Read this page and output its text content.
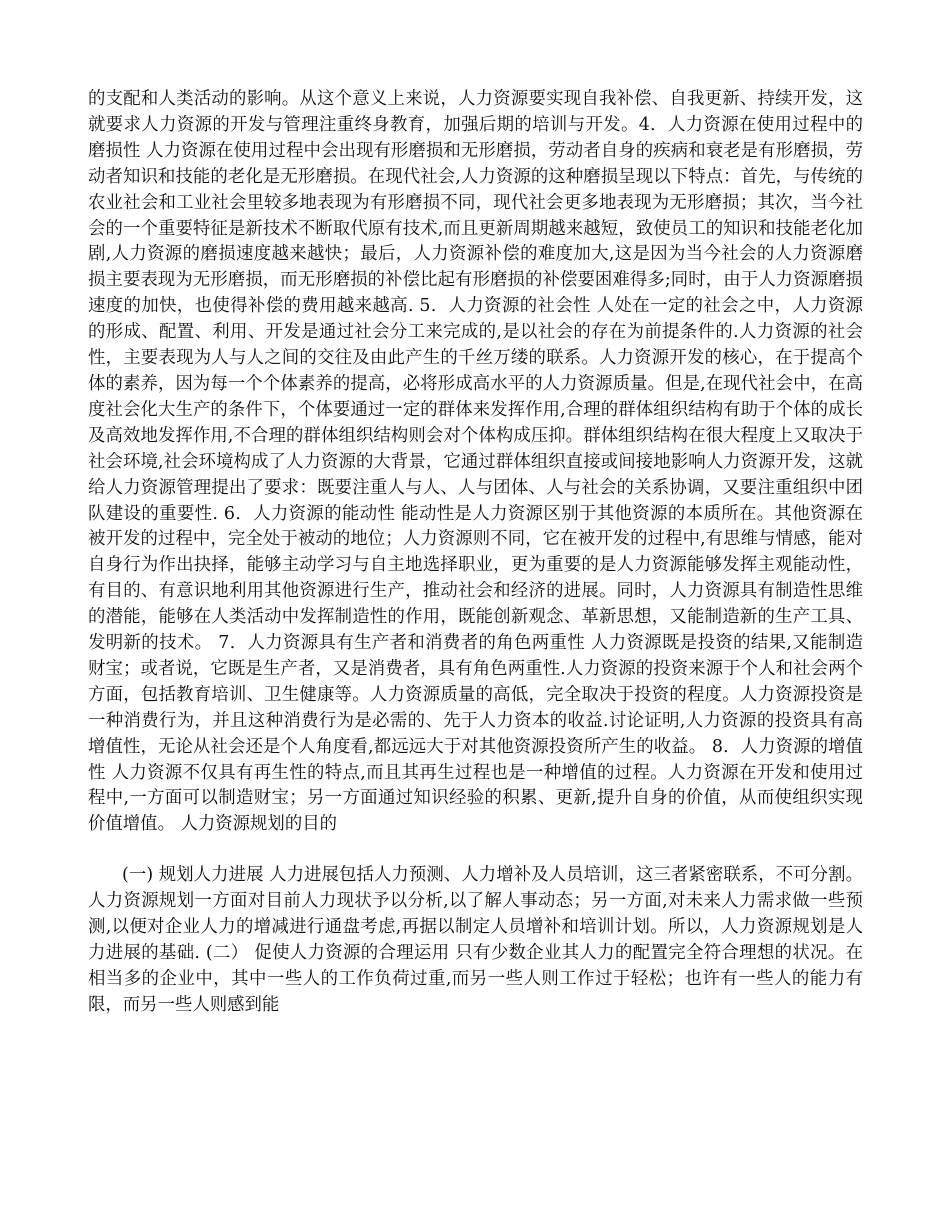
的支配和人类活动的影响。从这个意义上来说，人力资源要实现自我补偿、自我更新、持续开发，这就要求人力资源的开发与管理注重终身教育，加强后期的培训与开发。4．人力资源在使用过程中的磨损性 人力资源在使用过程中会出现有形磨损和无形磨损，劳动者自身的疾病和衰老是有形磨损，劳动者知识和技能的老化是无形磨损。在现代社会,人力资源的这种磨损呈现以下特点：首先，与传统的农业社会和工业社会里较多地表现为有形磨损不同，现代社会更多地表现为无形磨损；其次，当今社会的一个重要特征是新技术不断取代原有技术,而且更新周期越来越短，致使员工的知识和技能老化加剧,人力资源的磨损速度越来越快；最后，人力资源补偿的难度加大,这是因为当今社会的人力资源磨损主要表现为无形磨损，而无形磨损的补偿比起有形磨损的补偿要困难得多;同时，由于人力资源磨损速度的加快，也使得补偿的费用越来越高. 5．人力资源的社会性 人处在一定的社会之中，人力资源的形成、配置、利用、开发是通过社会分工来完成的,是以社会的存在为前提条件的.人力资源的社会性，主要表现为人与人之间的交往及由此产生的千丝万缕的联系。人力资源开发的核心，在于提高个体的素养，因为每一个个体素养的提高，必将形成高水平的人力资源质量。但是,在现代社会中，在高度社会化大生产的条件下，个体要通过一定的群体来发挥作用,合理的群体组织结构有助于个体的成长及高效地发挥作用,不合理的群体组织结构则会对个体构成压抑。群体组织结构在很大程度上又取决于社会环境,社会环境构成了人力资源的大背景，它通过群体组织直接或间接地影响人力资源开发，这就给人力资源管理提出了要求：既要注重人与人、人与团体、人与社会的关系协调，又要注重组织中团队建设的重要性. 6．人力资源的能动性 能动性是人力资源区别于其他资源的本质所在。其他资源在被开发的过程中，完全处于被动的地位；人力资源则不同，它在被开发的过程中,有思维与情感，能对自身行为作出抉择，能够主动学习与自主地选择职业，更为重要的是人力资源能够发挥主观能动性，有目的、有意识地利用其他资源进行生产，推动社会和经济的进展。同时，人力资源具有制造性思维的潜能，能够在人类活动中发挥制造性的作用，既能创新观念、革新思想，又能制造新的生产工具、发明新的技术。 7．人力资源具有生产者和消费者的角色两重性 人力资源既是投资的结果,又能制造财宝；或者说，它既是生产者，又是消费者，具有角色两重性.人力资源的投资来源于个人和社会两个方面，包括教育培训、卫生健康等。人力资源质量的高低，完全取决于投资的程度。人力资源投资是一种消费行为，并且这种消费行为是必需的、先于人力资本的收益.讨论证明,人力资源的投资具有高增值性，无论从社会还是个人角度看,都远远大于对其他资源投资所产生的收益。 8．人力资源的增值性 人力资源不仅具有再生性的特点,而且其再生过程也是一种增值的过程。人力资源在开发和使用过程中,一方面可以制造财宝；另一方面通过知识经验的积累、更新,提升自身的价值，从而使组织实现价值增值。 人力资源规划的目的

(一) 规划人力进展 人力进展包括人力预测、人力增补及人员培训，这三者紧密联系，不可分割。人力资源规划一方面对目前人力现状予以分析,以了解人事动态；另一方面,对未来人力需求做一些预测,以便对企业人力的增减进行通盘考虑,再据以制定人员增补和培训计划。所以，人力资源规划是人力进展的基础. (二） 促使人力资源的合理运用 只有少数企业其人力的配置完全符合理想的状况。在相当多的企业中，其中一些人的工作负荷过重,而另一些人则工作过于轻松；也许有一些人的能力有限，而另一些人则感到能
